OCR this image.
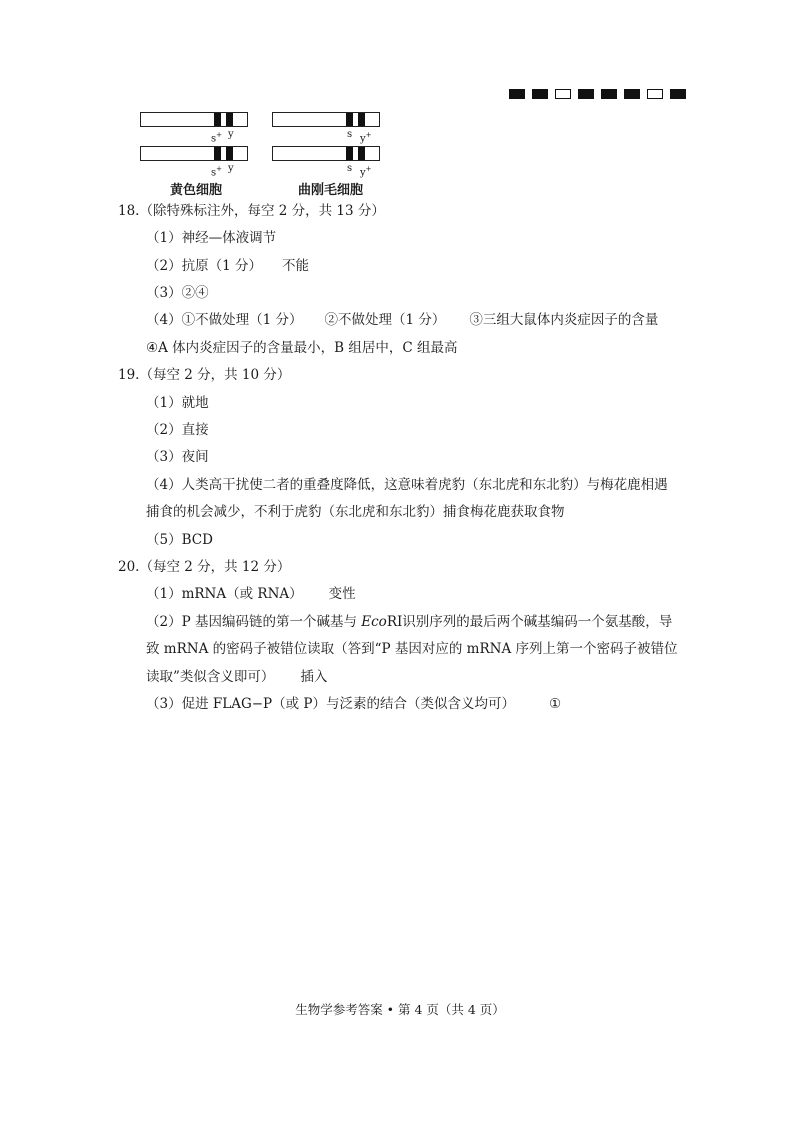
s+ y
s+ y
s y+
s y+
黄色细胞	曲刚毛细胞
18.（除特殊标注外，每空 2 分，共 13 分）
（1）神经—体液调节
（2）抗原（1 分） 不能
（3）②④
（4）①不做处理（1 分） ②不做处理（1 分） ③三组大鼠体内炎症因子的含量
④A 体内炎症因子的含量最小，B 组居中，C 组最高
19.（每空 2 分，共 10 分）
（1）就地
（2）直接
（3）夜间
（4）人类高干扰使二者的重叠度降低，这意味着虎豹（东北虎和东北豹）与梅花鹿相遇
捕食的机会减少，不利于虎豹（东北虎和东北豹）捕食梅花鹿获取食物
（5）BCD
20.（每空 2 分，共 12 分）
（1）mRNA（或 RNA） 变性
（2）P 基因编码链的第一个碱基与 EcoRⅠ识别序列的最后两个碱基编码一个氨基酸，导
致 mRNA 的密码子被错位读取（答到“P 基因对应的 mRNA 序列上第一个密码子被错位
读取”类似含义即可） 插入
（3）促进 FLAG−P（或 P）与泛素的结合（类似含义均可）	①
生物学参考答案 • 第 4 页（共 4 页）
